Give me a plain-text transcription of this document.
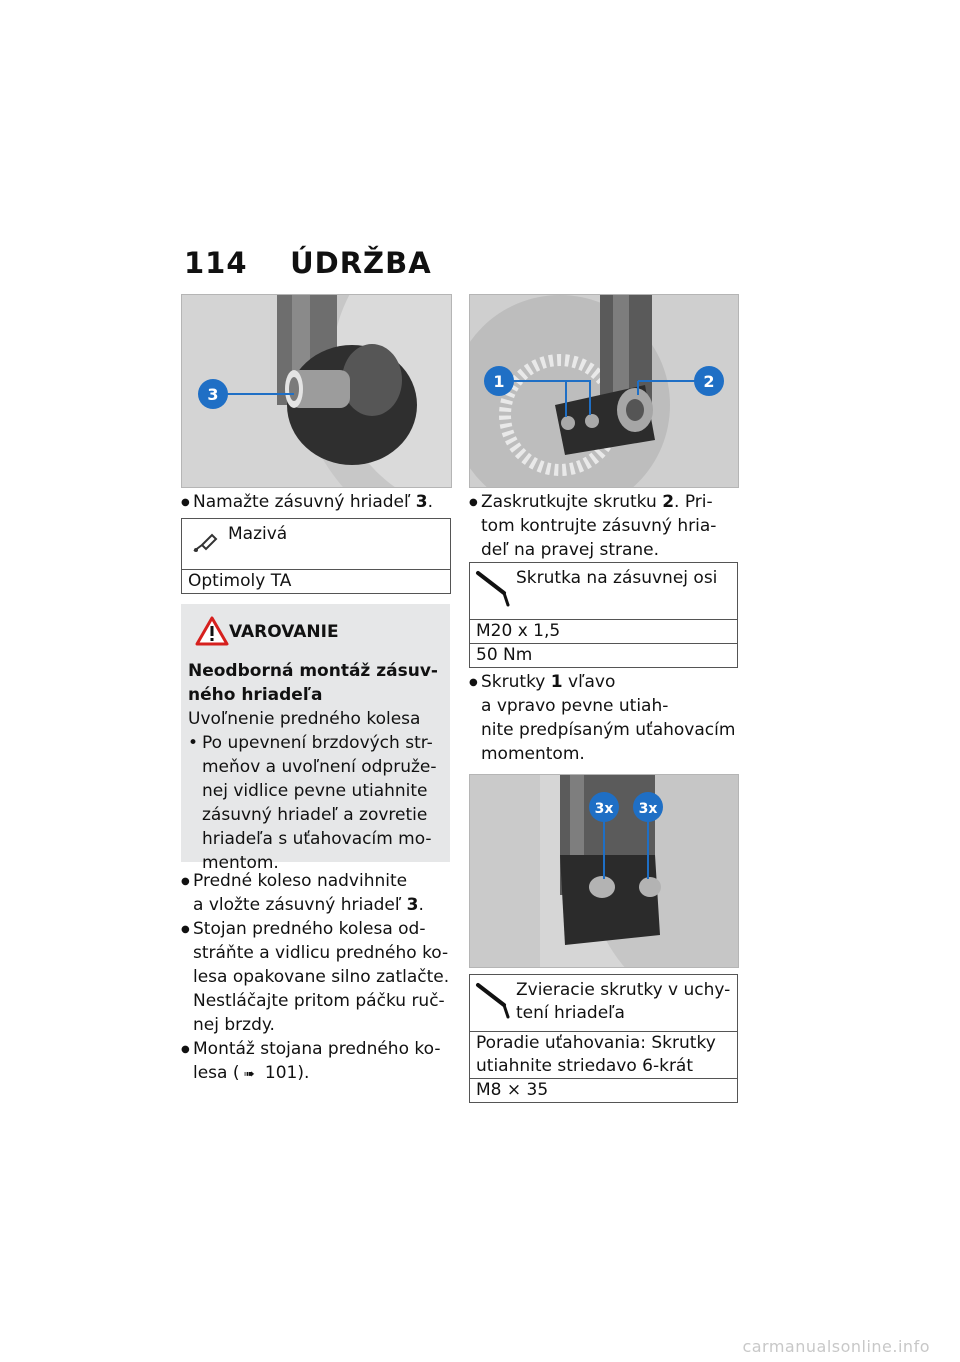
114 ÚDRŽBA
3
●
Namažte zásuvný hriadeľ 3.
Mazivá
Optimoly TA
VAROVANIE
Neodborná montáž zásuv-
ného hriadeľa
Uvoľnenie predného kolesa
• Po upevnení brzdových str-
meňov a uvoľnení odpruže-
nej vidlice pevne utiahnite
zásuvný hriadeľ a zovretie
hriadeľa s uťahovacím mo-
mentom.
●
Predné koleso nadvihnite
a vložte zásuvný hriadeľ 3.
●
Stojan predného kolesa od-
stráňte a vidlicu predného ko-
lesa opakovane silno zatlačte.
Nestláčajte pritom páčku ruč-
nej brzdy.
●
Montáž stojana predného ko-
lesa ( ➠ 101).
1	2
●
Zaskrutkujte skrutku 2. Pri-
tom kontrujte zásuvný hria-
deľ na pravej strane.
Skrutka na zásuvnej osi
M20 x 1,5
50 Nm
●
Skrutky 1 vľavo
a vpravo pevne utiah-
nite predpísaným uťahovacím
momentom.
3x 3x
Zvieracie skrutky v uchy-
tení hriadeľa
Poradie uťahovania: Skrutky
utiahnite striedavo 6-krát
M8 × 35
carmanualsonline.info
